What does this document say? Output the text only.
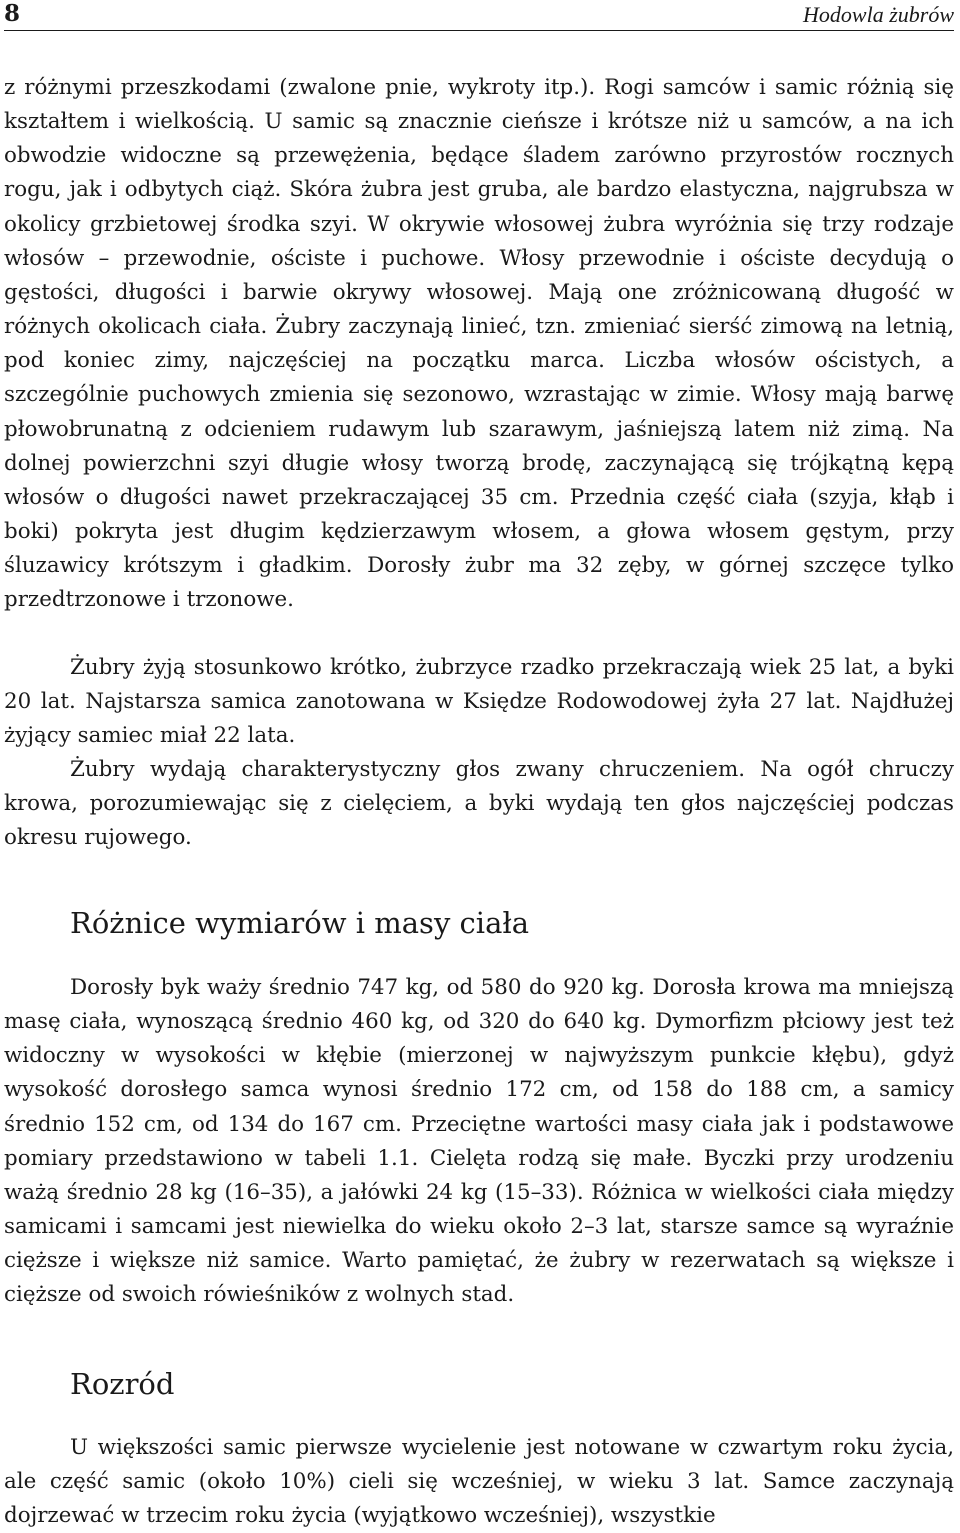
8	Hodowla żubrów

z różnymi przeszkodami (zwalone pnie, wykroty itp.). Rogi samców i samic różnią się kształtem i wielkością. U samic są znacznie cieńsze i krótsze niż u samców, a na ich obwodzie widoczne są przewężenia, będące śladem zarówno przyrostów rocznych rogu, jak i odbytych ciąż. Skóra żubra jest gruba, ale bardzo elastyczna, najgrubsza w okolicy grzbietowej środka szyi. W okrywie włosowej żubra wyróżnia się trzy rodzaje włosów – przewodnie, ościste i puchowe. Włosy przewodnie i ościste decydują o gęstości, długości i barwie okrywy włosowej. Mają one zróżnicowaną długość w różnych okolicach ciała. Żubry zaczynają linieć, tzn. zmieniać sierść zimową na letnią, pod koniec zimy, najczęściej na początku marca. Liczba włosów ościstych, a szczególnie puchowych zmienia się sezonowo, wzrastając w zimie. Włosy mają barwę płowobrunatną z odcieniem rudawym lub szarawym, jaśniejszą latem niż zimą. Na dolnej powierzchni szyi długie włosy tworzą brodę, zaczynającą się trójkątną kępą włosów o długości nawet przekraczającej 35 cm. Przednia część ciała (szyja, kłąb i boki) pokryta jest długim kędzierzawym włosem, a głowa włosem gęstym, przy śluzawicy krótszym i gładkim. Dorosły żubr ma 32 zęby, w górnej szczęce tylko przedtrzonowe i trzonowe.

Żubry żyją stosunkowo krótko, żubrzyce rzadko przekraczają wiek 25 lat, a byki 20 lat. Najstarsza samica zanotowana w Księdze Rodowodowej żyła 27 lat. Najdłużej żyjący samiec miał 22 lata.

Żubry wydają charakterystyczny głos zwany chruczeniem. Na ogół chruczy krowa, porozumiewając się z cielęciem, a byki wydają ten głos najczęściej podczas okresu rujowego.

Różnice wymiarów i masy ciała

Dorosły byk waży średnio 747 kg, od 580 do 920 kg. Dorosła krowa ma mniejszą masę ciała, wynoszącą średnio 460 kg, od 320 do 640 kg. Dymorfizm płciowy jest też widoczny w wysokości w kłębie (mierzonej w najwyższym punkcie kłębu), gdyż wysokość dorosłego samca wynosi średnio 172 cm, od 158 do 188 cm, a samicy średnio 152 cm, od 134 do 167 cm. Przeciętne wartości masy ciała jak i podstawowe pomiary przedstawiono w tabeli 1.1. Cielęta rodzą się małe. Byczki przy urodzeniu ważą średnio 28 kg (16–35), a jałówki 24 kg (15–33). Różnica w wielkości ciała między samicami i samcami jest niewielka do wieku około 2–3 lat, starsze samce są wyraźnie cięższe i większe niż samice. Warto pamiętać, że żubry w rezerwatach są większe i cięższe od swoich rówieśników z wolnych stad.

Rozród

U większości samic pierwsze wycielenie jest notowane w czwartym roku życia, ale część samic (około 10%) cieli się wcześniej, w wieku 3 lat. Samce zaczynają dojrzewać w trzecim roku życia (wyjątkowo wcześniej), wszystkie
